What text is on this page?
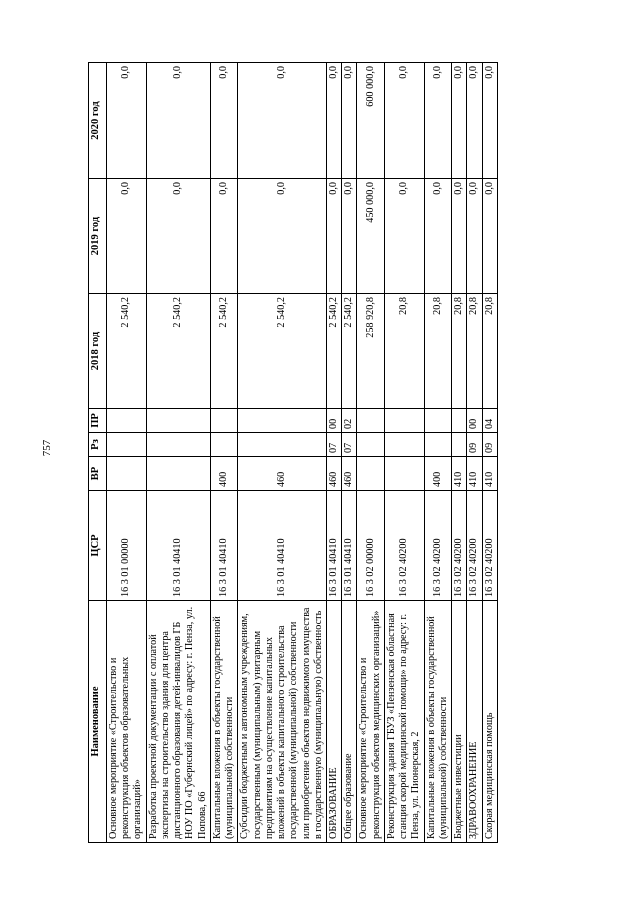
757
Наименование	ЦСР	ВР	Рз	ПР	2018 год	2019 год	2020 год
Основное мероприятие «Строительство и реконструкция объектов образовательных организаций»	16 3 01 00000				2 540,2	0,0	0,0
Разработка проектной документации с оплатой экспертизы на строительство здания для центра дистанционного образования детей-инвалидов ГБ НОУ ПО «Губернский лицей» по адресу: г. Пенза, ул. Попова, 66	16 3 01 40410				2 540,2	0,0	0,0
Капитальные вложения в объекты государственной (муниципальной) собственности	16 3 01 40410	400			2 540,2	0,0	0,0
Субсидии бюджетным и автономным учреждениям, государственным (муниципальным) унитарным предприятиям на осуществление капитальных вложений в объекты капитального строительства государственной (муниципальной) собственности или приобретение объектов недвижимого имущества в государственную (муниципальную) собственность	16 3 01 40410	460			2 540,2	0,0	0,0
ОБРАЗОВАНИЕ	16 3 01 40410	460	07	00	2 540,2	0,0	0,0
Общее образование	16 3 01 40410	460	07	02	2 540,2	0,0	0,0
Основное мероприятие «Строительство и реконструкция объектов медицинских организаций»	16 3 02 00000				258 920,8	450 000,0	600 000,0
Реконструкция здания ГБУЗ «Пензенская областная станция скорой медицинской помощи» по адресу: г. Пенза, ул. Пионерская, 2	16 3 02 40200				20,8	0,0	0,0
Капитальные вложения в объекты государственной (муниципальной) собственности	16 3 02 40200	400			20,8	0,0	0,0
Бюджетные инвестиции	16 3 02 40200	410			20,8	0,0	0,0
ЗДРАВООХРАНЕНИЕ	16 3 02 40200	410	09	00	20,8	0,0	0,0
Скорая медицинская помощь	16 3 02 40200	410	09	04	20,8	0,0	0,0
